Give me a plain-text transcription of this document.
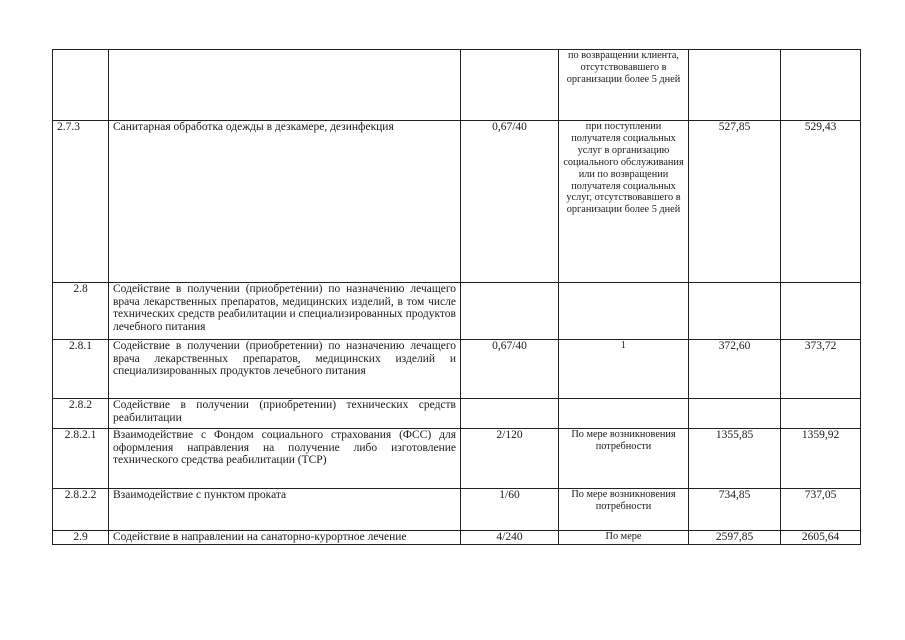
			по возвращении клиента, отсутствовавшего в организации более 5 дней		
2.7.3	Санитарная обработка одежды в дезкамере, дезинфекция	0,67/40	при поступлении получателя социальных услуг в организацию социального обслуживания или по возвращении получателя социальных услуг, отсутствовавшего в организации более 5 дней	527,85	529,43
2.8	Содействие в получении (приобретении) по назначению лечащего врача лекарственных препаратов, медицинских изделий, в том числе технических средств реабилитации и специализированных продуктов лечебного питания				
2.8.1	Содействие в получении (приобретении) по назначению лечащего врача лекарственных препаратов, медицинских изделий и специализированных продуктов лечебного питания	0,67/40	1	372,60	373,72
2.8.2	Содействие в получении (приобретении) технических средств реабилитации				
2.8.2.1	Взаимодействие с Фондом социального страхования (ФСС) для оформления направления на получение либо изготовление технического средства реабилитации (ТСР)	2/120	По мере возникновения потребности	1355,85	1359,92
2.8.2.2	Взаимодействие с пунктом проката	1/60	По мере возникновения потребности	734,85	737,05
2.9	Содействие в направлении на санаторно-курортное лечение	4/240	По мере	2597,85	2605,64
